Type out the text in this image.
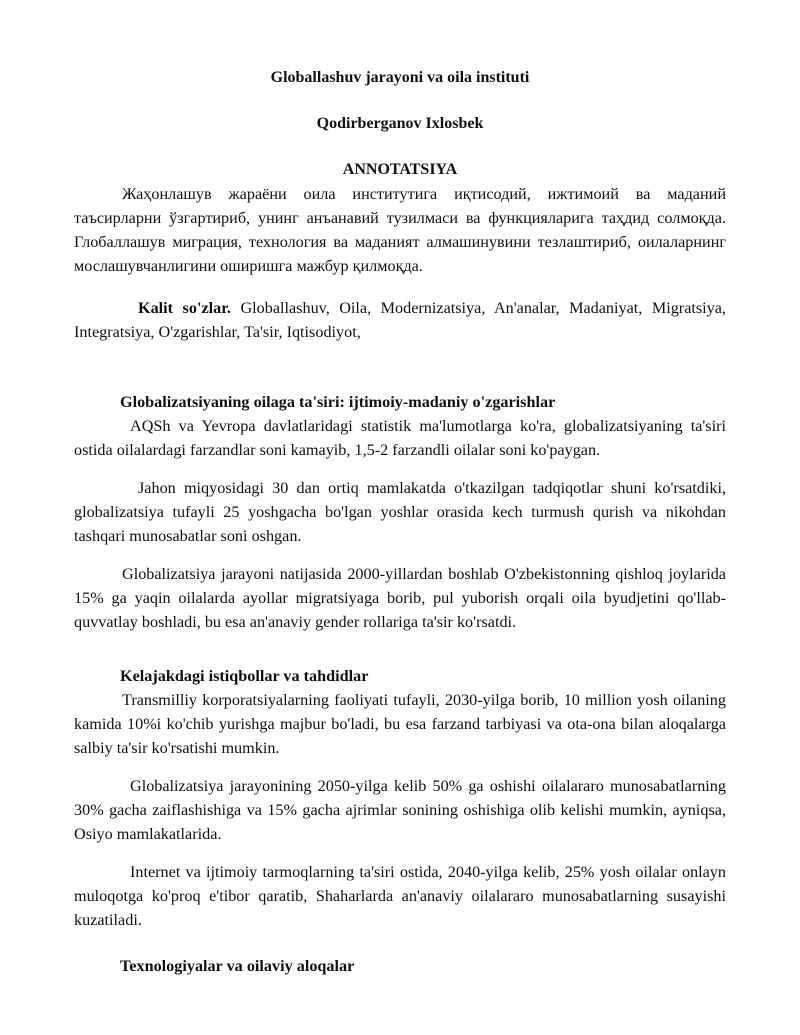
Globallashuv jarayoni va oila instituti
Qodirberganov Ixlosbek
ANNOTATSIYA

Жаҳонлашув жараёни оила институтига иқтисодий, ижтимоий ва маданий таъсирларни ўзгартириб, унинг анъанавий тузилмаси ва функцияларига таҳдид солмоқда. Глобаллашув миграция, технология ва маданият алмашинувини тезлаштириб, оилаларнинг мослашувчанлигини оширишга мажбур қилмоқда.

Kalit so'zlar. Globallashuv, Oila, Modernizatsiya, An'analar, Madaniyat, Migratsiya, Integratsiya, O'zgarishlar, Ta'sir, Iqtisodiyot,

Globalizatsiyaning oilaga ta'siri: ijtimoiy-madaniy o'zgarishlar

AQSh va Yevropa davlatlaridagi statistik ma'lumotlarga ko'ra, globalizatsiyaning ta'siri ostida oilalardagi farzandlar soni kamayib, 1,5-2 farzandli oilalar soni ko'paygan.

Jahon miqyosidagi 30 dan ortiq mamlakatda o'tkazilgan tadqiqotlar shuni ko'rsatdiki, globalizatsiya tufayli 25 yoshgacha bo'lgan yoshlar orasida kech turmush qurish va nikohdan tashqari munosabatlar soni oshgan.

Globalizatsiya jarayoni natijasida 2000-yillardan boshlab O'zbekistonning qishloq joylarida 15% ga yaqin oilalarda ayollar migratsiyaga borib, pul yuborish orqali oila byudjetini qo'llab-quvvatlay boshladi, bu esa an'anaviy gender rollariga ta'sir ko'rsatdi.

Kelajakdagi istiqbollar va tahdidlar

Transmilliy korporatsiyalarning faoliyati tufayli, 2030-yilga borib, 10 million yosh oilaning kamida 10%i ko'chib yurishga majbur bo'ladi, bu esa farzand tarbiyasi va ota-ona bilan aloqalarga salbiy ta'sir ko'rsatishi mumkin.

Globalizatsiya jarayonining 2050-yilga kelib 50% ga oshishi oilalararo munosabatlarning 30% gacha zaiflashishiga va 15% gacha ajrimlar sonining oshishiga olib kelishi mumkin, ayniqsa, Osiyo mamlakatlarida.

Internet va ijtimoiy tarmoqlarning ta'siri ostida, 2040-yilga kelib, 25% yosh oilalar onlayn muloqotga ko'proq e'tibor qaratib, Shaharlarda an'anaviy oilalararo munosabatlarning susayishi kuzatiladi.

Texnologiyalar va oilaviy aloqalar
